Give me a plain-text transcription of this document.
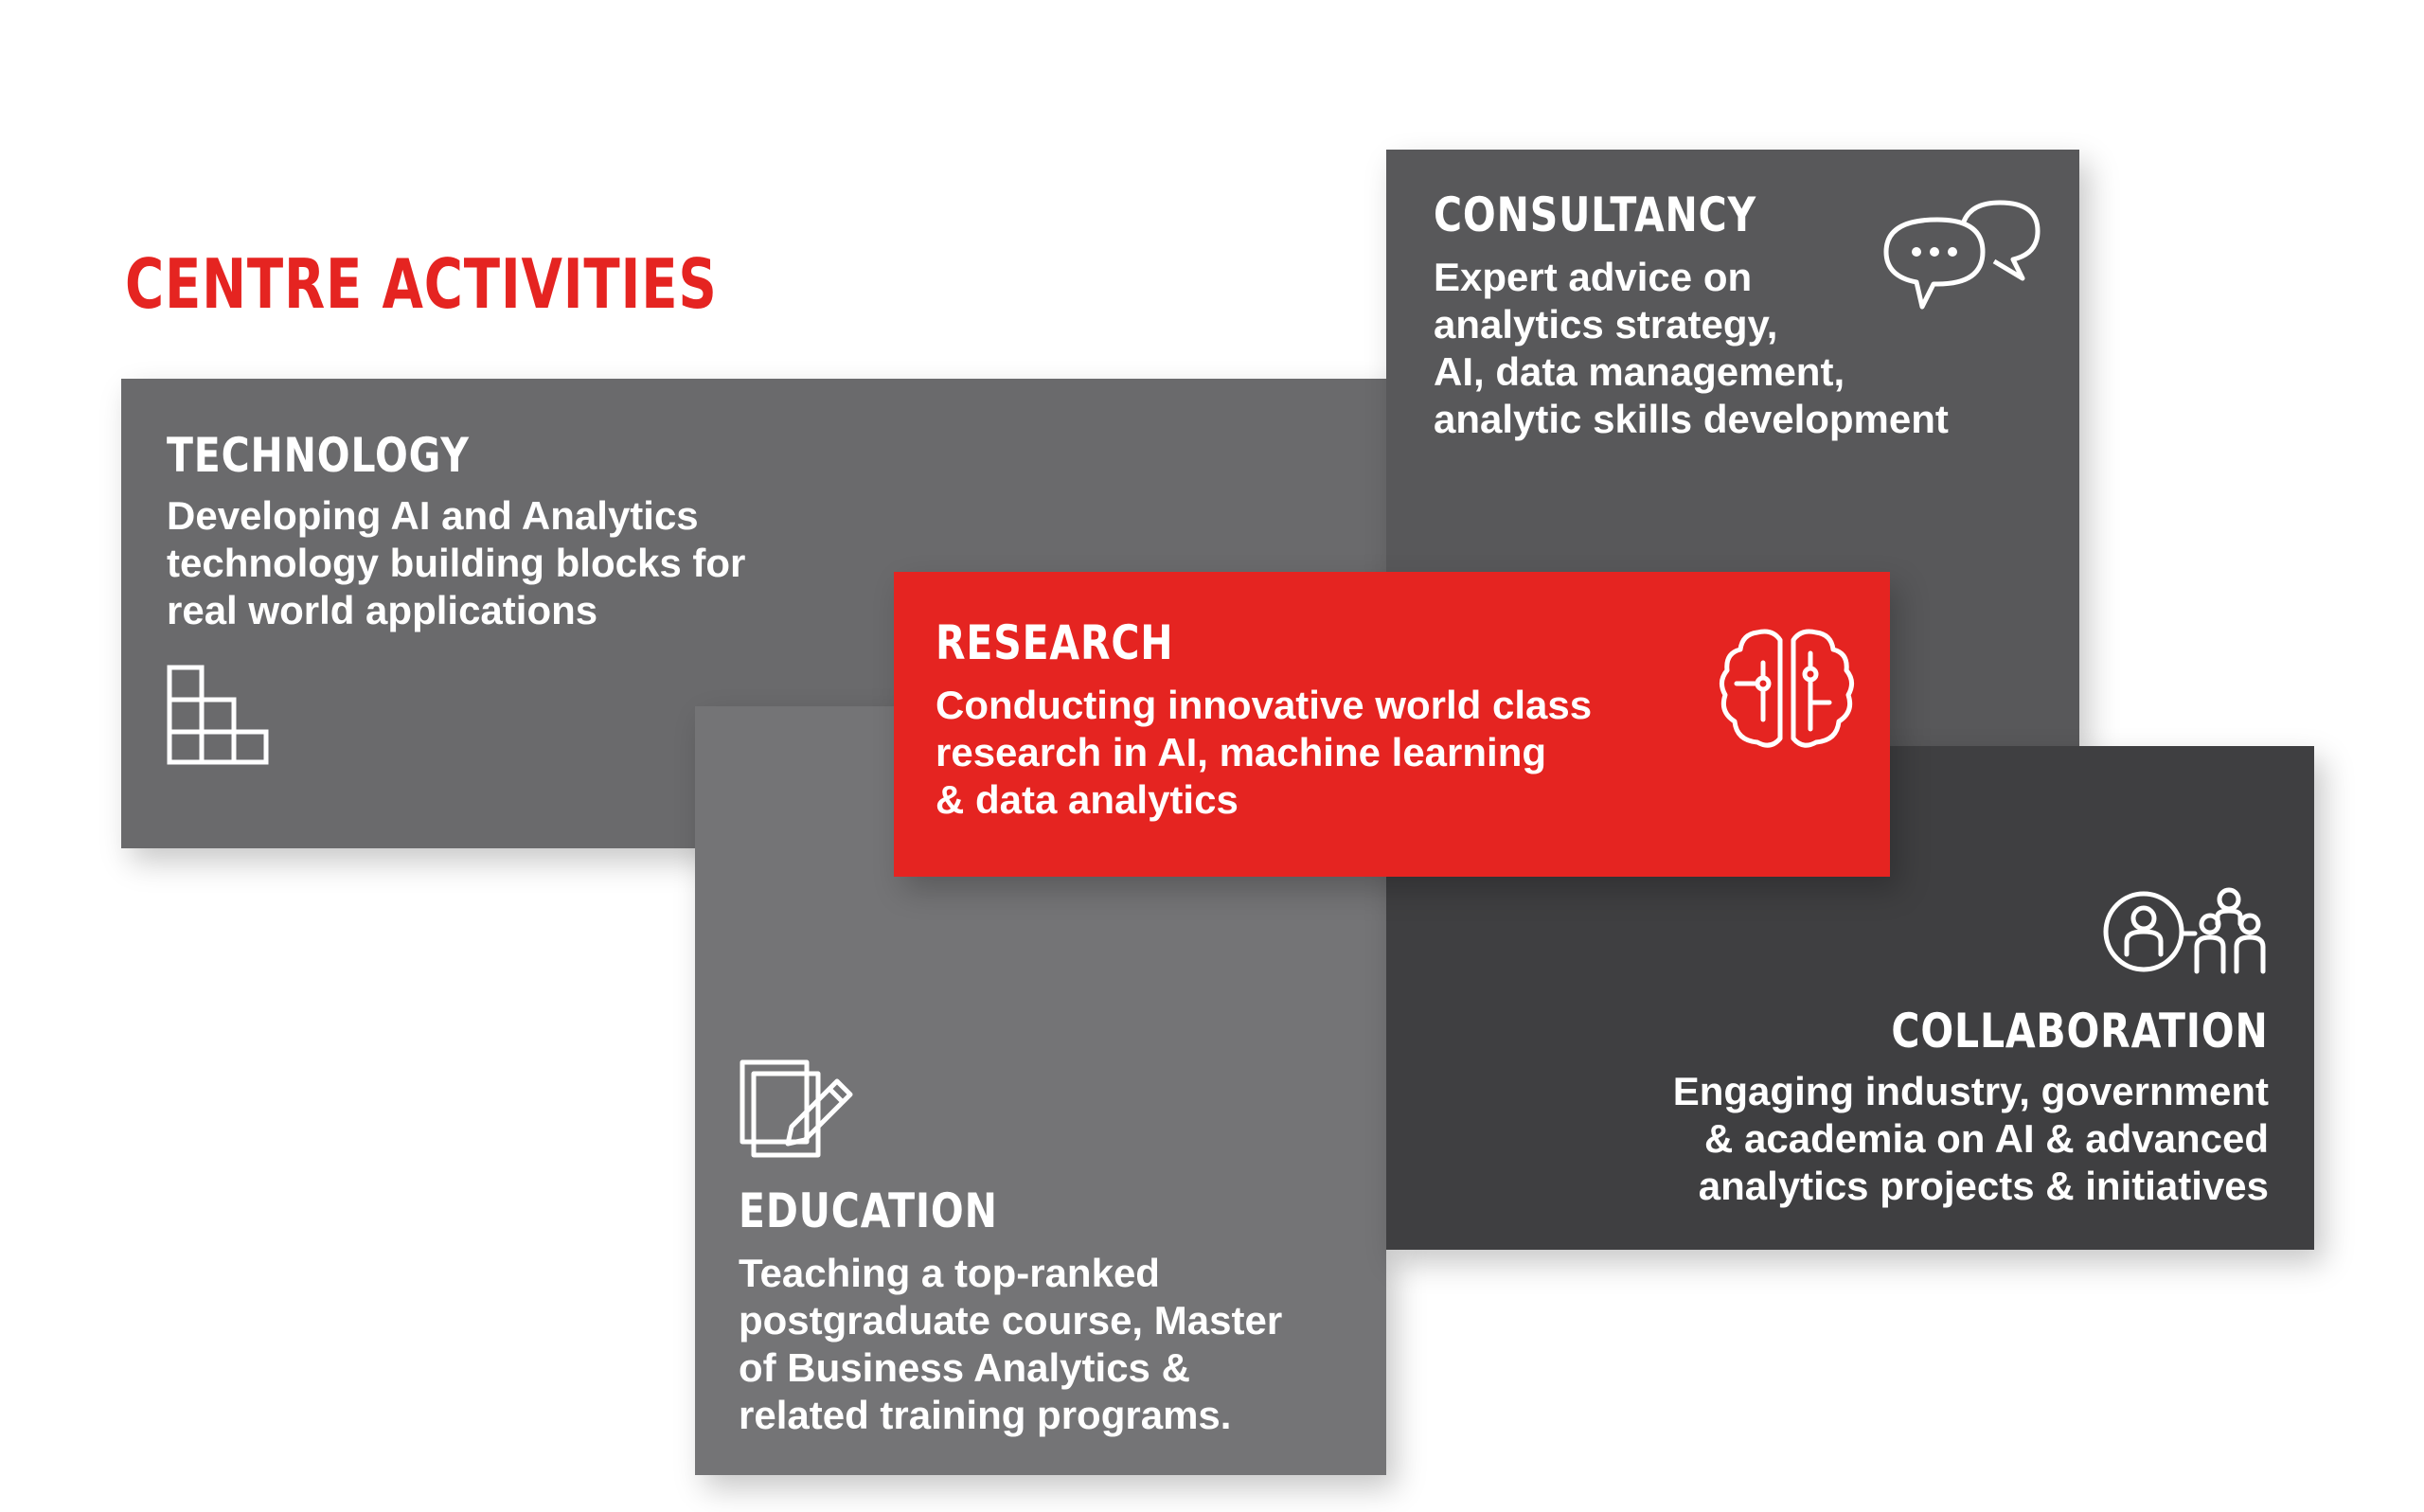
CENTRE ACTIVITIES
TECHNOLOGY
Developing AI and Analytics
technology building blocks for
real world applications
CONSULTANCY
Expert advice on
analytics strategy,
AI, data management,
analytic skills development
EDUCATION
Teaching a top-ranked
postgraduate course, Master
of Business Analytics &
related training programs.
COLLABORATION
Engaging industry, government
& academia on AI & advanced
analytics projects & initiatives
RESEARCH
Conducting innovative world class
research in AI, machine learning
& data analytics
